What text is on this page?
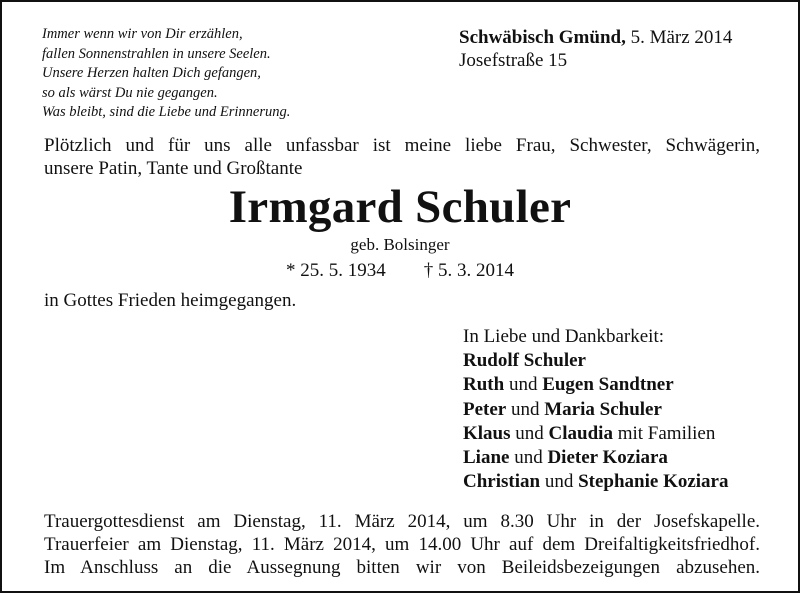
Immer wenn wir von Dir erzählen,
fallen Sonnenstrahlen in unsere Seelen.
Unsere Herzen halten Dich gefangen,
so als wärst Du nie gegangen.
Was bleibt, sind die Liebe und Erinnerung.
Schwäbisch Gmünd, 5. März 2014
Josefstraße 15
Plötzlich und für uns alle unfassbar ist meine liebe Frau, Schwester, Schwägerin,
unsere Patin, Tante und Großtante
Irmgard Schuler
geb. Bolsinger
* 25. 5. 1934 † 5. 3. 2014
in Gottes Frieden heimgegangen.
In Liebe und Dankbarkeit:
Rudolf Schuler
Ruth und Eugen Sandtner
Peter und Maria Schuler
Klaus und Claudia mit Familien
Liane und Dieter Koziara
Christian und Stephanie Koziara
Trauergottesdienst am Dienstag, 11. März 2014, um 8.30 Uhr in der Josefskapelle.
Trauerfeier am Dienstag, 11. März 2014, um 14.00 Uhr auf dem Dreifaltigkeitsfriedhof.
Im Anschluss an die Aussegnung bitten wir von Beileidsbezeigungen abzusehen.
